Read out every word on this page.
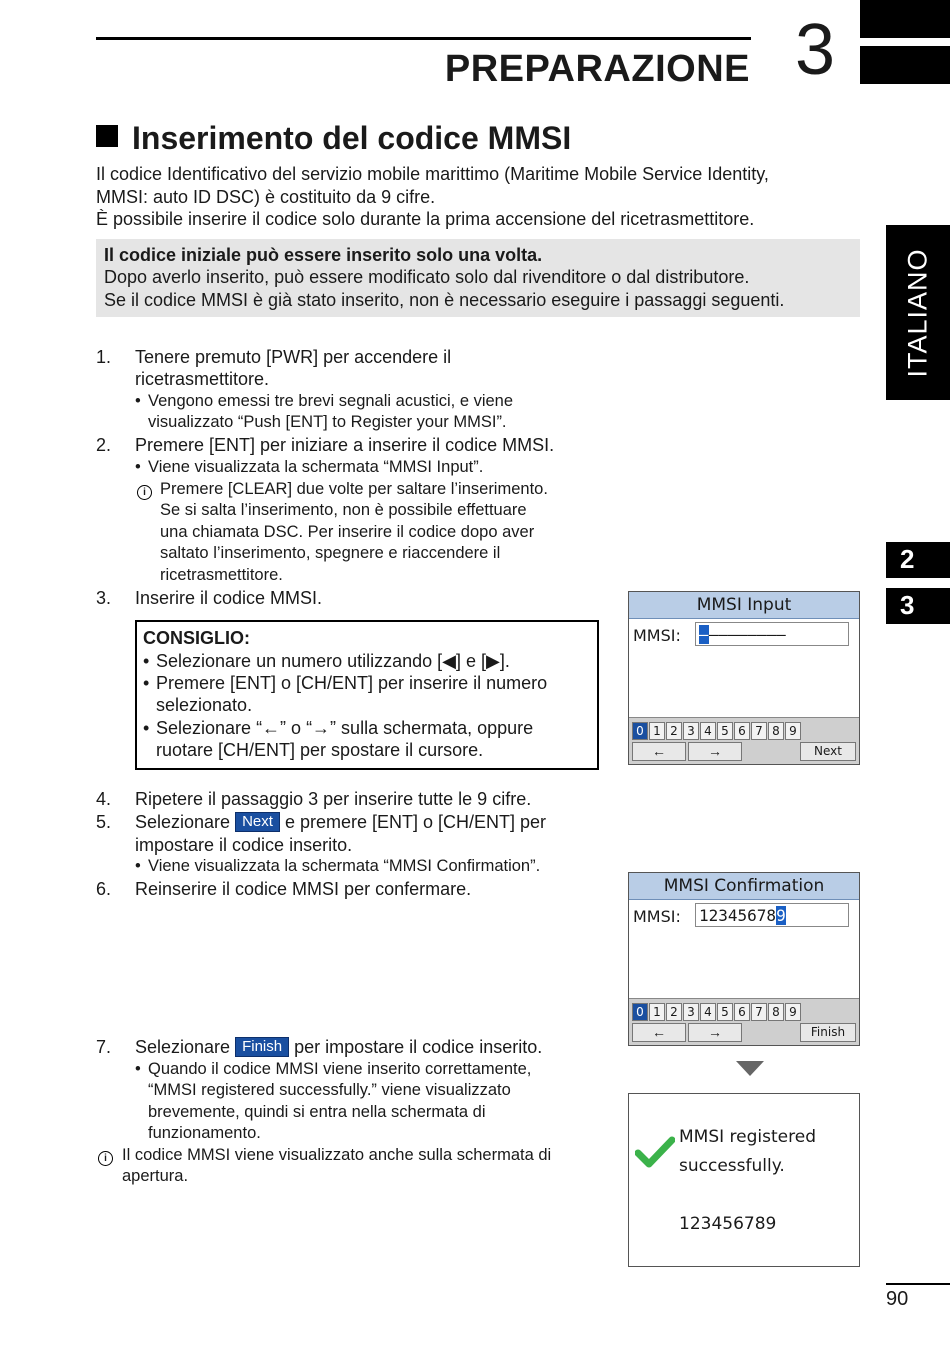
PREPARAZIONE 3
ITALIANO
2
3
Inserimento del codice MMSI
Il codice Identificativo del servizio mobile marittimo (Maritime Mobile Service Identity,
MMSI: auto ID DSC) è costituito da 9 cifre.
È possibile inserire il codice solo durante la prima accensione del ricetrasmettitore.
Il codice iniziale può essere inserito solo una volta.
Dopo averlo inserito, può essere modificato solo dal rivenditore o dal distributore.
Se il codice MMSI è già stato inserito, non è necessario eseguire i passaggi seguenti.
1. Tenere premuto [PWR] per accendere il
ricetrasmettitore.
• Vengono emessi tre brevi segnali acustici, e viene
visualizzato “Push [ENT] to Register your MMSI”.
2. Premere [ENT] per iniziare a inserire il codice MMSI.
• Viene visualizzata la schermata “MMSI Input”.
i Premere [CLEAR] due volte per saltare l’inserimento.
Se si salta l’inserimento, non è possibile effettuare
una chiamata DSC. Per inserire il codice dopo aver
saltato l’inserimento, spegnere e riaccendere il
ricetrasmettitore.
3. Inserire il codice MMSI.
CONSIGLIO:
• Selezionare un numero utilizzando [◀] e [▶].
• Premere [ENT] o [CH/ENT] per inserire il numero
selezionato.
• Selezionare “←” o “→” sulla schermata, oppure
ruotare [CH/ENT] per spostare il cursore.
4. Ripetere il passaggio 3 per inserire tutte le 9 cifre.
5. Selezionare Next e premere [ENT] o [CH/ENT] per
impostare il codice inserito.
• Viene visualizzata la schermata “MMSI Confirmation”.
6. Reinserire il codice MMSI per confermare.
7. Selezionare Finish per impostare il codice inserito.
• Quando il codice MMSI viene inserito correttamente,
“MMSI registered successfully.” viene visualizzato
brevemente, quindi si entra nella schermata di
funzionamento.
i Il codice MMSI viene visualizzato anche sulla schermata di
apertura.
MMSI Input
MMSI: –––––––––
0 1 2 3 4 5 6 7 8 9
←	→	Next
MMSI Confirmation
MMSI: 123456789
0 1 2 3 4 5 6 7 8 9
←	→	Finish
MMSI registered
successfully.
123456789
90
